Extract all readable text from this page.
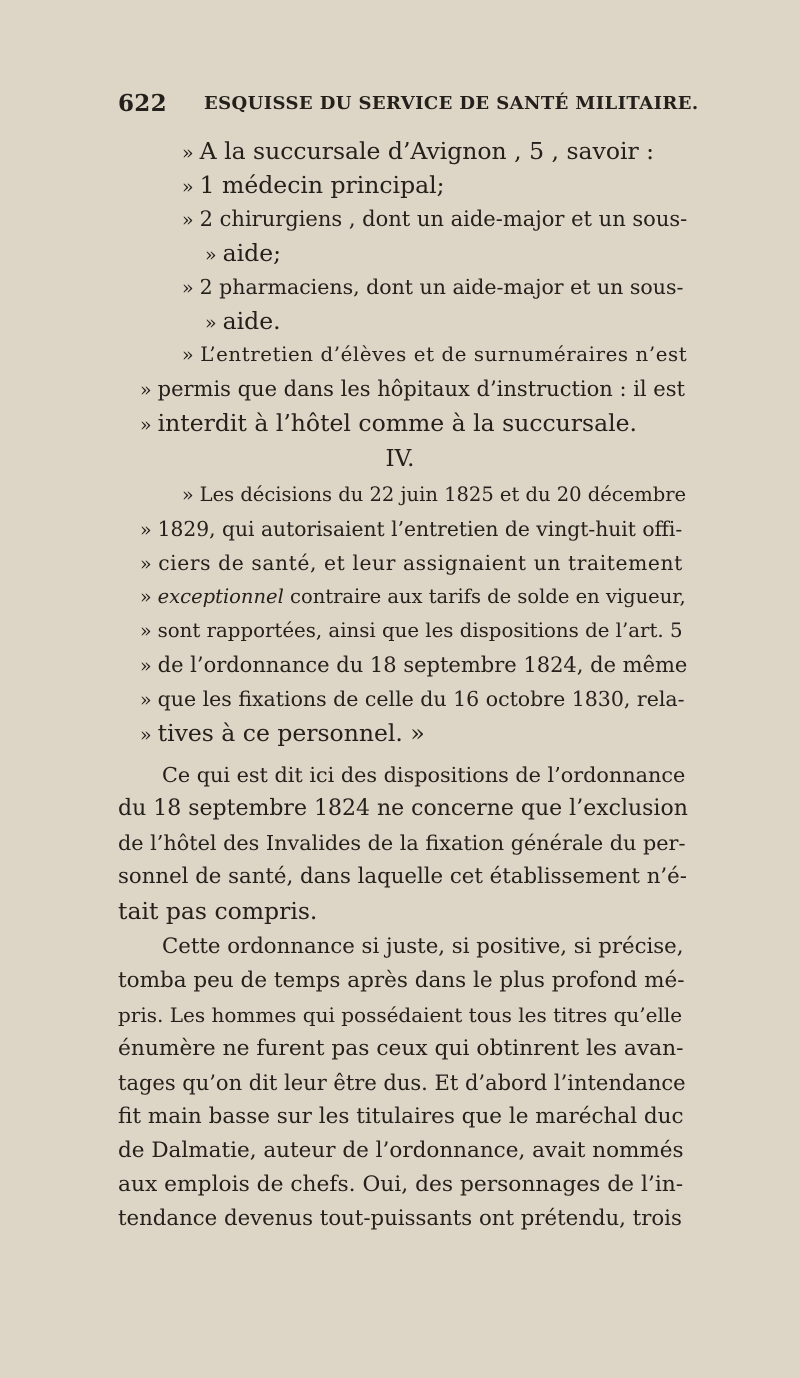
622 ESQUISSE DU SERVICE DE SANTÉ MILITAIRE.
» A la succursale d’Avignon , 5 , savoir :
» 1 médecin principal;
» 2 chirurgiens , dont un aide-major et un sous-
» aide;
» 2 pharmaciens, dont un aide-major et un sous-
» aide.
» L’entretien d’élèves et de surnuméraires n’est
» permis que dans les hôpitaux d’instruction : il est
» interdit à l’hôtel comme à la succursale.
IV.
» Les décisions du 22 juin 1825 et du 20 décembre
» 1829, qui autorisaient l’entretien de vingt-huit offi-
» ciers de santé, et leur assignaient un traitement
» exceptionnel contraire aux tarifs de solde en vigueur,
» sont rapportées, ainsi que les dispositions de l’art. 5
» de l’ordonnance du 18 septembre 1824, de même
» que les fixations de celle du 16 octobre 1830, rela-
» tives à ce personnel. »
Ce qui est dit ici des dispositions de l’ordonnance
du 18 septembre 1824 ne concerne que l’exclusion
de l’hôtel des Invalides de la fixation générale du per-
sonnel de santé, dans laquelle cet établissement n’é-
tait pas compris.
Cette ordonnance si juste, si positive, si précise,
tomba peu de temps après dans le plus profond mé-
pris. Les hommes qui possédaient tous les titres qu’elle
énumère ne furent pas ceux qui obtinrent les avan-
tages qu’on dit leur être dus. Et d’abord l’intendance
fit main basse sur les titulaires que le maréchal duc
de Dalmatie, auteur de l’ordonnance, avait nommés
aux emplois de chefs. Oui, des personnages de l’in-
tendance devenus tout-puissants ont prétendu, trois
